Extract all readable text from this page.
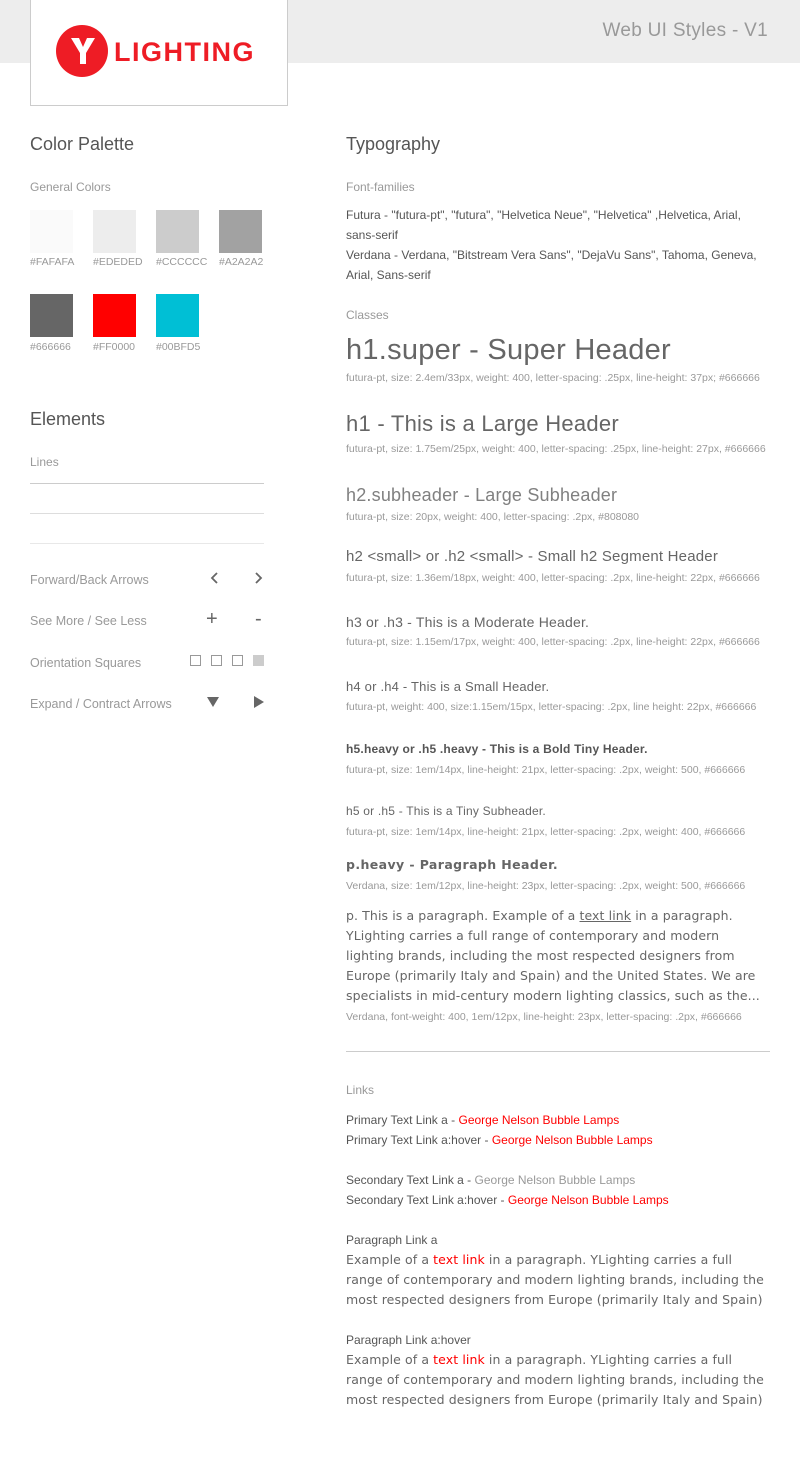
Web UI Styles - V1
LIGHTING
Color Palette
General Colors
#FAFAFA #EDEDED #CCCCCC #A2A2A2
#666666 #FF0000 #00BFD5
Elements
Lines
Forward/Back Arrows
See More / See Less	+ -
Orientation Squares
Expand / Contract Arrows
Typography
Font-families
Futura - "futura-pt", "futura", "Helvetica Neue", "Helvetica" ,Helvetica, Arial, sans-serif
Verdana - Verdana, "Bitstream Vera Sans", "DejaVu Sans", Tahoma, Geneva, Arial, Sans-serif
Classes
h1.super - Super Header
futura-pt, size: 2.4em/33px, weight: 400, letter-spacing: .25px, line-height: 37px; #666666
h1 - This is a Large Header
futura-pt, size: 1.75em/25px, weight: 400, letter-spacing: .25px, line-height: 27px, #666666
h2.subheader - Large Subheader
futura-pt, size: 20px, weight: 400, letter-spacing: .2px, #808080
h2 <small> or .h2 <small> - Small h2 Segment Header
futura-pt, size: 1.36em/18px, weight: 400, letter-spacing: .2px, line-height: 22px, #666666
h3 or .h3 - This is a Moderate Header.
futura-pt, size: 1.15em/17px, weight: 400, letter-spacing: .2px, line-height: 22px, #666666
h4 or .h4 - This is a Small Header.
futura-pt, weight: 400, size:1.15em/15px, letter-spacing: .2px, line height: 22px, #666666
h5.heavy or .h5 .heavy - This is a Bold Tiny Header.
futura-pt, size: 1em/14px, line-height: 21px, letter-spacing: .2px, weight: 500, #666666
h5 or .h5 - This is a Tiny Subheader.
futura-pt, size: 1em/14px, line-height: 21px, letter-spacing: .2px, weight: 400, #666666
p.heavy - Paragraph Header.
Verdana, size: 1em/12px, line-height: 23px, letter-spacing: .2px, weight: 500, #666666
p. This is a paragraph. Example of a text link in a paragraph. YLighting carries a full range of contemporary and modern lighting brands, including the most respected designers from Europe (primarily Italy and Spain) and the United States. We are specialists in mid-century modern lighting classics, such as the...
Verdana, font-weight: 400, 1em/12px, line-height: 23px, letter-spacing: .2px, #666666
Links
Primary Text Link a - George Nelson Bubble Lamps
Primary Text Link a:hover - George Nelson Bubble Lamps
Secondary Text Link a - George Nelson Bubble Lamps
Secondary Text Link a:hover - George Nelson Bubble Lamps
Paragraph Link a
Example of a text link in a paragraph. YLighting carries a full range of contemporary and modern lighting brands, including the most respected designers from Europe (primarily Italy and Spain)
Paragraph Link a:hover
Example of a text link in a paragraph. YLighting carries a full range of contemporary and modern lighting brands, including the most respected designers from Europe (primarily Italy and Spain)
